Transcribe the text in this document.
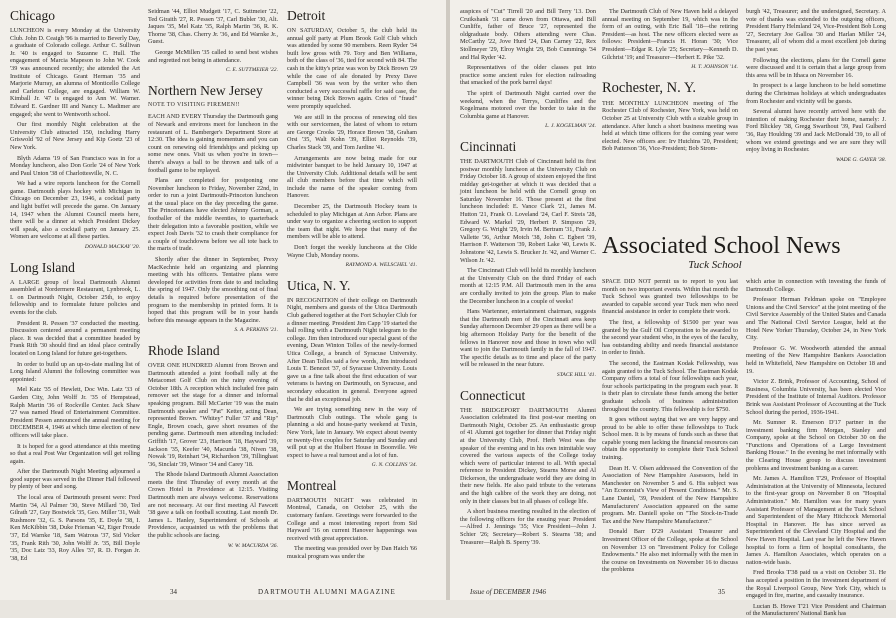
Chicago

LUNCHEON is every Monday at the University Club. John D. Ceaigh '96 is married to Beverly Day, a graduate of Colorado college. Arthur C. Sullivan Jr. '40 is engaged to Suzanne C. Hull. The engagement of Marcia Mapeson to John W. Cook '39 was announced recently; she attended the Art Institute of Chicago. Grant Herman '35 and Marjorie Murray, an alumna of Monticello College and Carleton College, are engaged. William W. Kimball Jr. '47 is engaged to Ann W. Warner. Edward E. Gardner III and Nancy L. Madimer are engaged; she went to Wentworth school.

Our first monthly Night celebration at the University Club attracted 150, including Harry Griswold '92 of New Jersey and Kip Goetz '23 of New York.

Blyth Adams '19 of San Francisco was in for a Monday luncheon, also Don Gorle '24 of New York and Paul Unton '38 of Charlottesville, N. C.

We had a wire reports luncheon for the Cornell game. Dartmouth plays hockey with Michigan in Chicago on December 23, 1946, a cocktail party and light buffet will precede the game. On January 14, 1947 when the Alumni Council meets here, there will be a dinner at which President Dickey will speak, also a cocktail party on January 25. Women are welcome at all these parties.

DONALD MACKAY '20.
Long Island

A LARGE group of local Dartmouth Alumni assembled at Nordermere Restaurant, Lynbrook, L. I. on Dartmouth Night, October 25th, to enjoy fellowship and to formulate future policies and events for the club.

President R. Pessen '37 conducted the meeting. Discussion centered around a permanent meeting place. It was decided that a committee headed by Frank Rith '30 should find an ideal place centrally located on Long Island for future get-togethers.

In order to build up an up-to-date mailing list of Long Island Alumni the following committee was appointed:

Mel Katz '35 of Hewlett, Doc Win. Latz '33 of Garden City, John Wolff Jr. '35 of Hempstead, Ralph Martin '36 of Rockville Center. Jack Shaw '27 was named Head of Entertainment Committee. President Pessen announced the annual meeting for DECEMBER 4, 1946 at which time election of new officers will take place.

It is hoped for a good attendance at this meeting so that a real Post War Organization will get rolling again.

After the Dartmouth Night Meeting adjourned a good supper was served in the Dinner Hall followed by plenty of beer and song.

The local area of Dartmouth present were: Fred Martin '34, Al Palmer '30, Steve Millard '30, Ted Gilrath '27, Guy Bostwick '35, Geo. Miller '31, Walt Rushmore '32, G. S. Parsons '35, E. Doyle '38, I. Ken McKibbin '38, Duke Frieman '42, Eiger Froude '37, Ed Warnke '18, Sam Watrous '37, Sid Vicker '35, Frank Rith '30, John Wolff Jr. '35, Bill Doyle '35, Doc Latz '33, Roy Alles '37, R. D. Forgan Jr. '38, Ed

Seidman '44, Elliot Mudgett '17, C. Suttmeier '22, Ted Giraith '27, R. Pessen '37, Carl Bubler '30, Alt. Jaques '35, Mel Katz '35, Ralph Martin '36, R. K. Thorne '38, Chas. Cherry Jr. '36, and Ed Warnke Jr., Guest.

George McMillen '35 called to send best wishes and regretted not being in attendance.

C. E. SUTTMEIER '22.
Northern New Jersey
NOTE TO VISITING FIREMEN!!

EACH AND EVERY Thursday the Dartmouth gang of Newark and environs meet for luncheon in the restaurant of L. Bamberger's Department Store at 12:30. The idea is gaining momentum and you can count on renewing old friendships and picking up some new ones. Visit us when you're in town—there's always a ball to be thrown and talk of a football game to be replayed.

Plans are completed for postponing one November luncheon to Friday, November 22nd, in order to run a joint Dartmouth-Princeton luncheon at the usual place on the day preceding the game. The Princetonians have elected Johnny Gorman, a footballer of the middle twenties, to quarterback their delegation into a favorable position, while we expect Josh Davis '32 to crash their compliance for a couple of touchdowns before we all tote back to the marts of trade.

Shortly after the dinner in September, Prexy MacKechnie held an organizing and planning meeting with his officers. Tentative plans were developed for activities from date to and including the spring of 1947. Only the smoothing out of final details is required before presentation of the program to the membership in printed form. It is hoped that this program will be in your hands before this message appears in the Magazine.

S. A. PERKINS '21.
Rhode Island

OVER ONE HUNDRED Alumni from Brown and Dartmouth attended a joint football rally at the Metacomet Golf Club on the rainy evening of October 18th. A reception which included free pain remover set the stage for a dinner and informal speaking program. Bill McCarter '19 was the main Dartmouth speaker and "Pat" Ketter, acting Dean, represented Brown. "Whitey" Fuller '37 and "Rip" Engle, Brown coach, gave short resumes of the pending game. Dartmouth men attending included: Griffith '17, Grover '23, Harrison '18, Hayward '39, Jackson '35, Keefer '40, Macurda '38, Niven '38, Nowak '19, Reinhart '34, Richardson '39, Tillinghast '36, Sinclair '39, Winsor '34 and Carey '18.

The Rhode Island Dartmouth Alumni Association meets the first Thursday of every month at the Crown Hotel in Providence at 12:15. Visiting Dartmouth men are always welcome. Reservations are not necessary. At our first meeting Al Fawcett '38 gave a talk on football scouting. Last month Dr. James L. Hanley, Superintendent of Schools at Providence, acquainted us with the problems that the public schools are facing.

W. W. MACURDA '36.
Detroit

ON SATURDAY, October 5, the club held its annual golf party at Plum Brook Golf Club which was attended by some 90 members. Reen Ryder '34 built low gross with 79. Tory and Ben Williams, both of the class of '36, tied for second with 84. The cash in the kitty's prize was won by Dick Brown '29 while the case of ale donated by Prexy Dave Campbell '36 was won by the writer who then conducted a very successful raffle for said case, the winner being Dick Brown again. Cries of "fraud" were promptly squelched.

We are still in the process of renewing old ties with our servicemen, the latest of whom to return are George Crooks '29, Horace Brown '38, Graham Orsi '35, Walt Kohn '39, Elliot Reynolds '39, Charles Stack '39, and Tom Jardine '41.

Arrangements are now being made for our midwinter banquet to be held January 10, 1947 at the University Club. Additional details will be sent all club members before that time which will include the name of the speaker coming from Hanover.

December 25, the Dartmouth Hockey team is scheduled to play Michigan at Ann Arbor. Plans are under way to organize a cheering section to support the team that night. We hope that many of the members will be able to attend.

Don't forget the weekly luncheons at the Olde Wayne Club, Monday noons.

RAYMOND A. WELSCHEL '41.
Utica, N. Y.

IN RECOGNITION of their college on Dartmouth Night, members and guests of the Utica Dartmouth Club gathered together at the Fort Schuyler Club for a dinner meeting. President Jim Capp '19 started the ball rolling with a Dartmouth Night telegram to the college. Jim then introduced our special guest of the evening, Dean Winton Tolles of the newly-formed Utica College, a branch of Syracuse University. After Dean Tolles said a few words, Jim introduced Louis T. Benezet '37, of Syracuse University. Louis gave us a fine talk about the first education of war veterans is having on Dartmouth, on Syracuse, and secondary education in general. Everyone agreed that he did an exceptional job.

We are trying something new in the way of Dartmouth Club outings. The whole gang is planning a ski and house-party weekend at Tuxin, New York, late in January. We expect about twenty or twenty-five couples for Saturday and Sunday and will put up at the Hulbert House in Boonville. We expect to have a real turnout and a lot of fun.

G. N. COLLINS '34.
Montreal

DARTMOUTH NIGHT was celebrated in Montreal, Canada, on October 25, with the customary fanfare. Greetings were forwarded to the College and a most interesting report from Sid Hayward '16 on current Hanover happenings was received with great appreciation.

The meeting was presided over by Dan Haich '66 musical program was under the

34	DARTMOUTH ALUMNI MAGAZINE

auspices of "Cut" Tirrell '20 and Bill Terry '13. Don Cruikshank '31 came down from Ottawa, and Bill Cunliffe, father of Bruce '27, represented the oldgraduate body. Others attending were Chas. McCarthy '22, Jove Hurd '24, Dan Carney '22, Rex Stollmeyer '29, Elroy Wright '29, Bob Cummings '34 and Hal Ryder '42.

Representatives of the older classes put into practice some ancient rules for election railroading that smacked of the pork barrel days!

The spirit of Dartmouth Night carried over the weekend, when the Terrys, Cunliffes and the Kogelmans motored over the border to take in the Columbia game at Hanover.

L. J. KOGELMAN '24.
Cincinnati

THE DARTMOUTH Club of Cincinnati held its first postwar monthly luncheon at the University Club on Friday October 18. A group of sixteen enjoyed the first midday get-together at which it was decided that a joint luncheon be held with the Cornell group on Saturday November 16. Those present at the first luncheon included: E. Vance Clark '21, James M. Hutton '21, Frank O. Loveland '24, Carl F. Streis '28, Edward W. Markel '29, Herbert P. Simpson '29, Gregory G. Wright '29, Irvin M. Bertram '31, Frank J. Vallette '36, Arthur Motch '38, John C. Egbert '39, Harrison F. Watterson '39, Robert Lake '40, Lewis K. Johnstone '42, Lewis S. Brucker Jr. '42, and Warner C. Wilson Jr. '42.

The Cincinnati Club will hold its monthly luncheon at the University Club on the third Friday of each month at 12:15 P.M. All Dartmouth men in the area are cordially invited to join the group. Plan to make the December luncheon in a couple of weeks!

Hans Wartenner, entertainment chairman, suggests that the Dartmouth men of the Cincinnati area keep Sunday afternoon December 29 open as there will be a big afternoon Holiday Party for the benefit of the fellows in Hanover now and those in town who will want to join the Dartmouth family in the fall of 1947. The specific details as to time and place of the party will be released in the near future.

STACE HILL '41.
Connecticut

THE BRIDGEPORT DARTMOUTH Alumni Association celebrated its first post-war meeting on Dartmouth Night, October 25. An enthusiastic group of 41 Alumni got together for dinner that Friday night at the University Club, Prof. Herb West was the speaker of the evening and in his own inimitable way covered the various aspects of the College today which were of particular interest to all. With special reference to President Dickey, Stearns Morse and Al Dickerson, the undergraduate world they are doing in their new fields. He also paid tribute to the veterans and the high calibre of the work they are doing, not only in their classes but in all phases of college life.

A short business meeting resulted in the election of the following officers for the ensuing year: President—Alfred J. Jennings '35; Vice President—John J. Schier '26; Secretary—Robert S. Stearns '38; and Treasurer—Ralph B. Sperry '39.

The Dartmouth Club of New Haven held a delayed annual meeting on September 19, which was in the form of an outing, with Eric Ball '18—the retiring President—as host. The new officers elected were as follows: President—Francis H. Horan '30; Vice President—Edgar R. Lyle '25; Secretary—Kenneth D. Gilchrist '19; and Treasurer—Herbert E. Pike '32.

H. T. JOHNSON '14.
Rochester, N. Y.

THE MONTHLY LUNCHEON meeting of The Rochester Club of Rochester, New York, was held on October 25 at University Club with a sizable group in attendance. After lunch a short business meeting was held at which time officers for the coming year were elected. New officers are: Irv Hutchins '20, President; Bob Patterson '36, Vice-President; Bob Strom-

burgh '42, Treasurer; and the undersigned, Secretary. A vote of thanks was extended to the outgoing officers, President Harry Helmland '24, Vice-President Bob Long '27, Secretary Joe Galloa '30 and Harlan Miller '24, Treasurer, all of whom did a most excellent job during the past year.

Following the elections, plans for the Cornell game were discussed and it is certain that a large group from this area will be in Ithaca on November 16.

In prospect is a large luncheon to be held sometime during the Christmas holidays at which undergraduates from Rochester and vicinity will be guests.

Several alumni have recently arrived here with the intention of making Rochester their home, namely: J. Ford Blickley '38, Gregg Swarthout '39, Paul Gulberd '36, Ray Houlding '39 and Jack McDonald '39, to all of whom we extend greetings and we are sure they will enjoy living in Rochester.

WADE G. GAYER '38.
Associated School News
Tuck School

SPACE DID NOT permit us to report to you last month on two important events. Within that month the Tuck School was granted two fellowships to be awarded to capable second year Tuck men who need financial assistance in order to complete their work.

The first, a fellowship of $1500 per year was granted by the Gulf Oil Corporation to be awarded to the second year student who, in the eyes of the faculty, has outstanding ability and needs financial assistance in order to finish.

The second, the Eastman Kodak Fellowship, was again granted to the Tuck School. The Eastman Kodak Company offers a total of four fellowships each year, four schools participating in the program each year. It is their plan to circulate these funds among the better graduate schools of business administration throughout the country. This fellowship is for $750.

It goes without saying that we are very happy and proud to be able to offer these fellowships to Tuck School men. It is by means of funds such as these that capable young men lacking the financial resources can obtain the opportunity to complete their Tuck School training.

Dean H. V. Olsen addressed the Convention of the Association of New Hampshire Assessors, held in Manchester on November 5 and 6. His subject was "An Economist's View of Present Conditions." Mr. S. Lane Daniel, '39, President of the New Hampshire Manufacturers' Association appeared on the same program. Mr. Daniell spoke on "The Stock-in-Trade Tax and the New Hampshire Manufacturer."

Donald Barr D'29 Assistant Treasurer and Investment Officer of the College, spoke at the School on November 13 on "Investment Policy for College Endowments." He also met informally with the men in the course on Investments on November 16 to discuss the problems

which arise in connection with investing the funds of Dartmouth College.

Professor Herman Feldman spoke on "Employee Unions and the Civil Service" at the joint meeting of the Civil Service Assembly of the United States and Canada and The National Civil Service League, held at the Hotel New Yorker Thursday, October 24, in New York City.

Professor G. W. Woodworth attended the annual meeting of the New Hampshire Bankers Association held in Whitefield, New Hampshire on October 18 and 19.

Victor Z. Brink, Professor of Accounting, School of Business, Columbia University, has been elected Vice President of the Institute of Internal Auditors. Professor Brink was Assistant Professor of Accounting at the Tuck School during the period, 1936-1941.

Mr. Sumner R. Emerson D'17 partner in the investment banking firm Morgan, Stanley and Company, spoke at the School on October 30 on the "Functions and Operations of a Large Investment Banking House." In the evening he met informally with the Clearing House group to discuss investment problems and investment banking as a career.

Mr. James A. Hamilton T'29, Professor of Hospital Administration at the University of Minnesota, lectured to the first-year group on November 8 on "Hospital Administration." Mr. Hamilton was for many years Assistant Professor of Management at the Tuck School and Superintendent of the Mary Hitchcock Memorial Hospital in Hanover. He has since served as Superintendent of the Cleveland City Hospital and the New Haven Hospital. Last year he left the New Haven hospital to form a firm of hospital consultants, the James A. Hamilton Associates, which operates on a nation-wide basis.

Fred Brooks T'38 paid us a visit on October 31. He has accepted a position in the investment department of the Royal Liverpool Group, New York City, which is engaged in fire, marine, and casualty insurance.

Lucian B. Howe T'21 Vice President and Chairman of the Manufacturers' National Bank has

Issue of DECEMBER 1946	35
